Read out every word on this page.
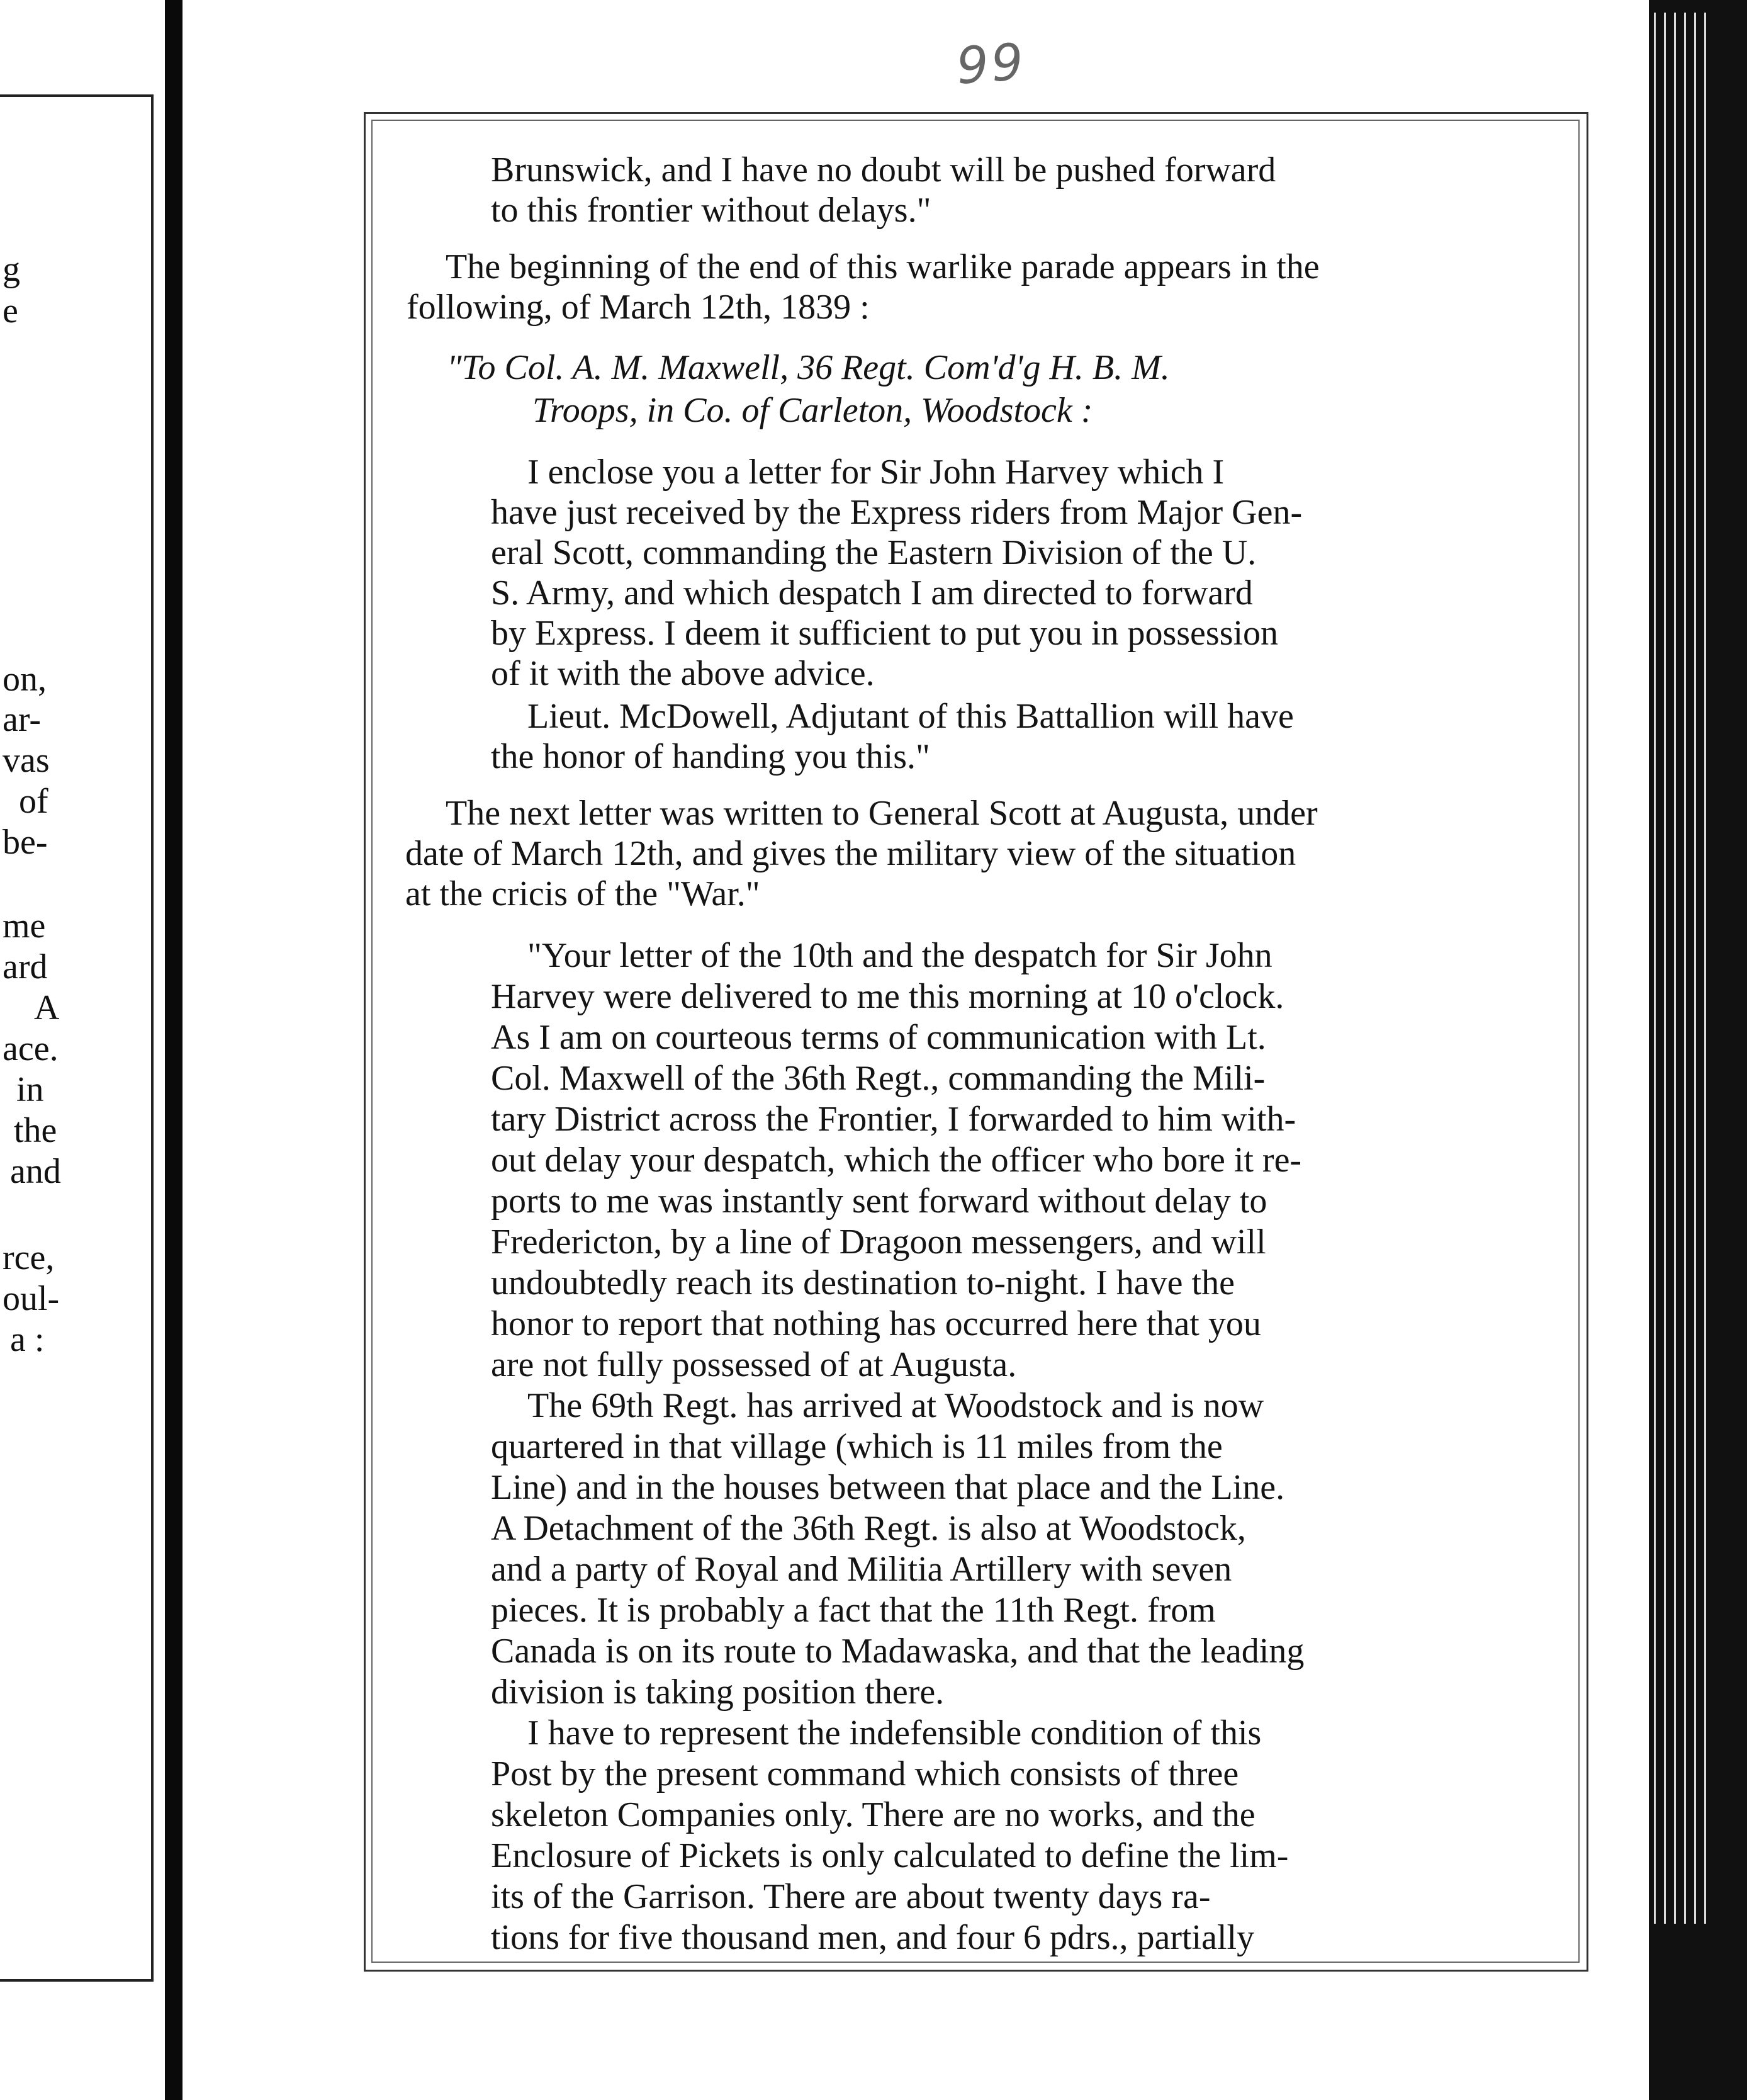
g
e
on,
ar-
vas
of
be-
me
ard
A
ace.
in
the
and
rce,
oul-
a :
99
Brunswick, and I have no doubt will be pushed forward
to this frontier without delays."
The beginning of the end of this warlike parade appears in the
following, of March 12th, 1839 :
"To Col. A. M. Maxwell, 36 Regt. Com'd'g H. B. M.
Troops, in Co. of Carleton, Woodstock :
I enclose you a letter for Sir John Harvey which I
have just received by the Express riders from Major Gen-
eral Scott, commanding the Eastern Division of the U.
S. Army, and which despatch I am directed to forward
by Express. I deem it sufficient to put you in possession
of it with the above advice.
Lieut. McDowell, Adjutant of this Battallion will have
the honor of handing you this."
The next letter was written to General Scott at Augusta, under
date of March 12th, and gives the military view of the situation
at the cricis of the "War."
"Your letter of the 10th and the despatch for Sir John
Harvey were delivered to me this morning at 10 o'clock.
As I am on courteous terms of communication with Lt.
Col. Maxwell of the 36th Regt., commanding the Mili-
tary District across the Frontier, I forwarded to him with-
out delay your despatch, which the officer who bore it re-
ports to me was instantly sent forward without delay to
Fredericton, by a line of Dragoon messengers, and will
undoubtedly reach its destination to-night. I have the
honor to report that nothing has occurred here that you
are not fully possessed of at Augusta.
The 69th Regt. has arrived at Woodstock and is now
quartered in that village (which is 11 miles from the
Line) and in the houses between that place and the Line.
A Detachment of the 36th Regt. is also at Woodstock,
and a party of Royal and Militia Artillery with seven
pieces. It is probably a fact that the 11th Regt. from
Canada is on its route to Madawaska, and that the leading
division is taking position there.
I have to represent the indefensible condition of this
Post by the present command which consists of three
skeleton Companies only. There are no works, and the
Enclosure of Pickets is only calculated to define the lim-
its of the Garrison. There are about twenty days ra-
tions for five thousand men, and four 6 pdrs., partially
